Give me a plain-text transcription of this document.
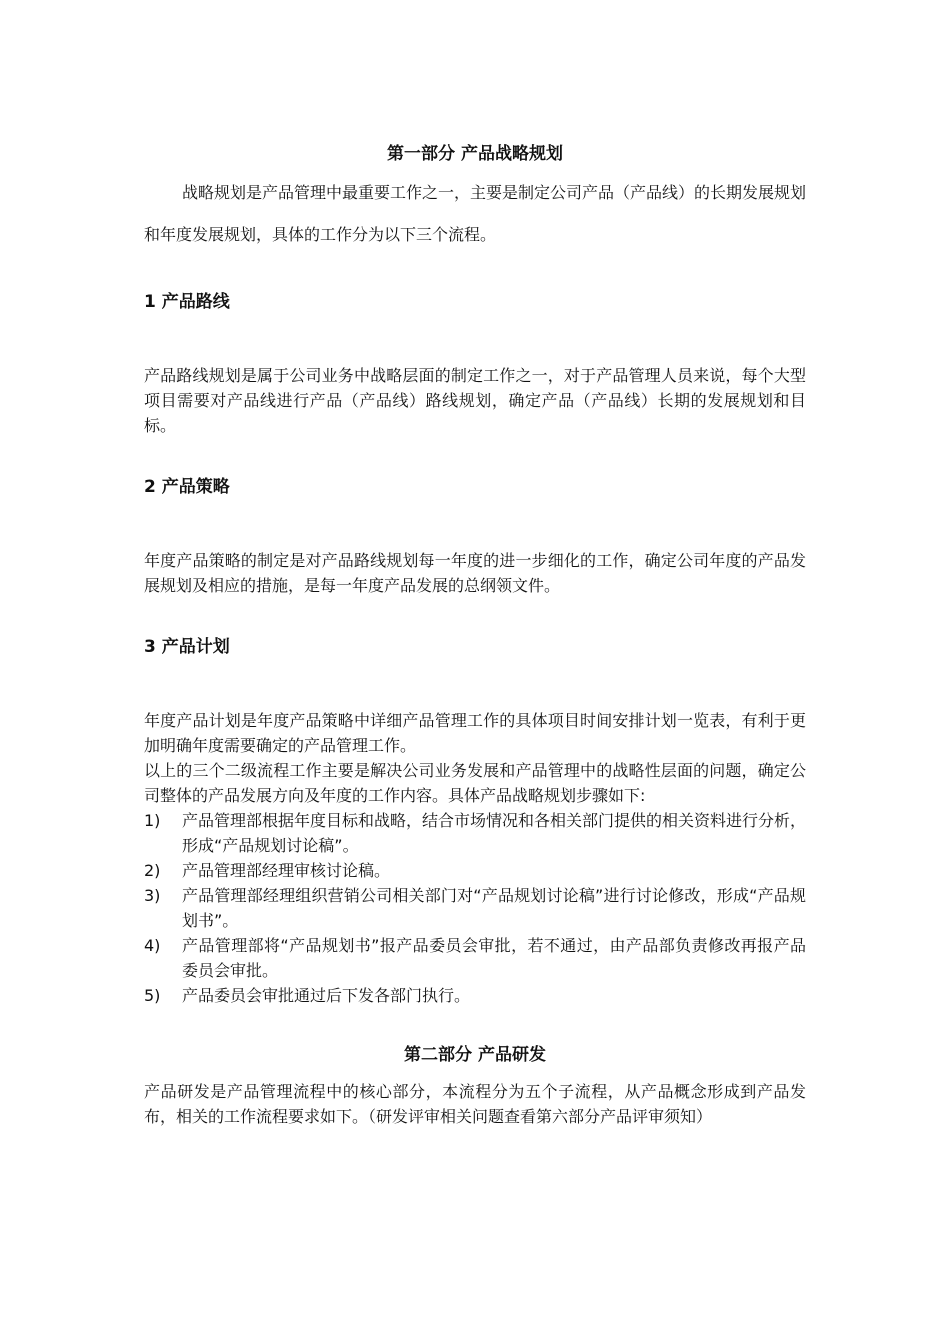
第一部分 产品战略规划

战略规划是产品管理中最重要工作之一，主要是制定公司产品（产品线）的长期发展规划和年度发展规划，具体的工作分为以下三个流程。

1 产品路线

产品路线规划是属于公司业务中战略层面的制定工作之一，对于产品管理人员来说，每个大型项目需要对产品线进行产品（产品线）路线规划，确定产品（产品线）长期的发展规划和目标。

2 产品策略

年度产品策略的制定是对产品路线规划每一年度的进一步细化的工作，确定公司年度的产品发展规划及相应的措施，是每一年度产品发展的总纲领文件。

3 产品计划

年度产品计划是年度产品策略中详细产品管理工作的具体项目时间安排计划一览表，有利于更加明确年度需要确定的产品管理工作。

以上的三个二级流程工作主要是解决公司业务发展和产品管理中的战略性层面的问题，确定公司整体的产品发展方向及年度的工作内容。具体产品战略规划步骤如下:

1) 产品管理部根据年度目标和战略，结合市场情况和各相关部门提供的相关资料进行分析，形成“产品规划讨论稿”。
2) 产品管理部经理审核讨论稿。
3) 产品管理部经理组织营销公司相关部门对“产品规划讨论稿”进行讨论修改，形成“产品规划书”。
4) 产品管理部将“产品规划书”报产品委员会审批，若不通过，由产品部负责修改再报产品委员会审批。
5) 产品委员会审批通过后下发各部门执行。
第二部分 产品研发

产品研发是产品管理流程中的核心部分，本流程分为五个子流程，从产品概念形成到产品发布，相关的工作流程要求如下。（研发评审相关问题查看第六部分产品评审须知）
